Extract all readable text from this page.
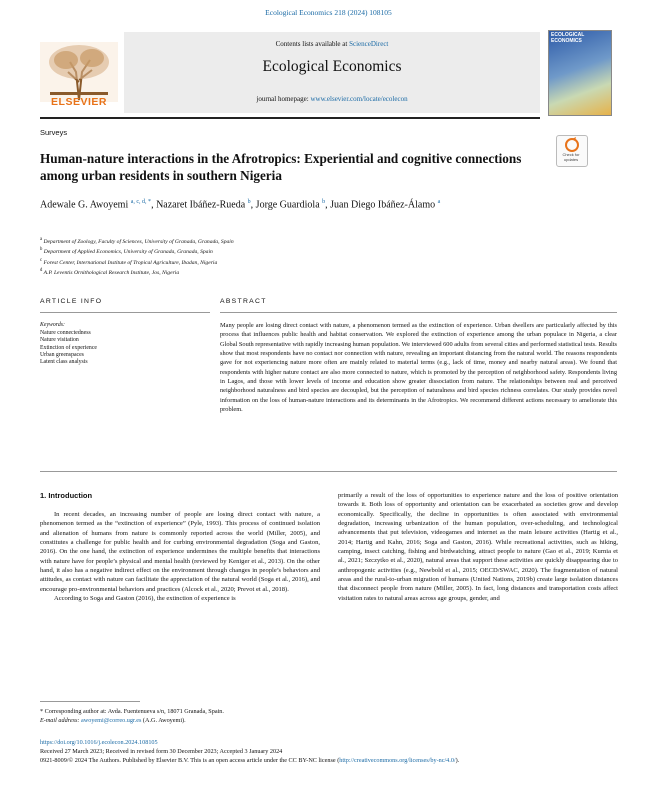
Ecological Economics 218 (2024) 108105
ELSEVIER
Contents lists available at ScienceDirect
Ecological Economics
journal homepage: www.elsevier.com/locate/ecolecon
ECOLOGICAL ECONOMICS
Surveys
Check for updates
Human-nature interactions in the Afrotropics: Experiential and cognitive connections among urban residents in southern Nigeria
Adewale G. Awoyemi $^{a, c, d, *}$, Nazaret Ibáñez-Rueda $^b$, Jorge Guardiola $^b$, Juan Diego Ibáñez-Álamo $^a$
$^a$ Department of Zoology, Faculty of Sciences, University of Granada, Granada, Spain
$^b$ Department of Applied Economics, University of Granada, Granada, Spain
$^c$ Forest Center, International Institute of Tropical Agriculture, Ibadan, Nigeria
$^d$ A.P. Leventis Ornithological Research Institute, Jos, Nigeria
ARTICLE INFO	ABSTRACT
Keywords:
Nature connectedness
Nature visitation
Extinction of experience
Urban greenspaces
Latent class analysis
Many people are losing direct contact with nature, a phenomenon termed as the extinction of experience. Urban dwellers are particularly affected by this process that influences public health and habitat conservation. We explored the extinction of experience among the urban populace in Nigeria, a clear Global South representative with rapidly increasing human population. We interviewed 600 adults from several cities and performed statistical tests. Results show that most respondents have no contact nor connection with nature, revealing an important distancing from the natural world. The reasons respondents gave for not experiencing nature more often are mainly related to material terms (e.g., lack of time, money and nearby natural areas). We found that respondents with higher nature contact are also more connected to nature, which is promoted by the perception of neighborhood safety. Respondents living in Lagos, and those with lower levels of income and education show greater dissociation from nature. The relationships between real and perceived neighborhood naturalness and bird species are decoupled, but the perception of naturalness and bird species richness correlates. Our study provides novel information on the loss of human-nature interactions and its determinants in the Afrotropics. We recommend different actions necessary to ameliorate this problem.
1. Introduction

In recent decades, an increasing number of people are losing direct contact with nature, a phenomenon termed as the “extinction of experience” (Pyle, 1993). This process of continued isolation and alienation of humans from nature is commonly reported across the world (Miller, 2005), and constitutes a challenge for public health and for curbing environmental degradation (Soga and Gaston, 2016). On the one hand, the extinction of experience undermines the multiple benefits that interactions with nature have for people’s physical and mental health (reviewed by Keniger et al., 2013). On the other hand, it also has a negative indirect effect on the environment through changes in people’s behaviors and attitudes, as contact with nature can facilitate the appreciation of the natural world (Soga et al., 2016), and encourage pro-environmental behaviors and practices (Alcock et al., 2020; Prevot et al., 2018).

According to Soga and Gaston (2016), the extinction of experience is

primarily a result of the loss of opportunities to experience nature and the loss of positive orientation towards it. Both loss of opportunity and orientation can be exacerbated as societies grow and develop economically. Specifically, the decline in opportunities is often associated with environmental degradation, increasing urbanization of the human population, over-scheduling, and technological advancements that put television, videogames and internet as the main leisure activities (Hartig et al., 2014; Hartig and Kahn, 2016; Soga and Gaston, 2016). While recreational activities, such as hiking, camping, insect catching, fishing and birdwatching, attract people to nature (Gao et al., 2019; Kurnia et al., 2021; Szczytko et al., 2020), natural areas that support these activities are quickly disappearing due to anthropogenic activities (e.g., Newbold et al., 2015; OECD/SWAC, 2020). The fragmentation of natural areas and the rural-to-urban migration of humans (United Nations, 2019b) create large isolation distances that disconnect people from nature (Miller, 2005). In fact, long distances and transportation costs affect visitation rates to natural areas across age groups, gender, and

* Corresponding author at: Avda. Fuentenueva s/n, 18071 Granada, Spain.
E-mail address: awoyemi@correo.ugr.es (A.G. Awoyemi).
https://doi.org/10.1016/j.ecolecon.2024.108105
Received 27 March 2023; Received in revised form 30 December 2023; Accepted 3 January 2024
0921-8009/© 2024 The Authors. Published by Elsevier B.V. This is an open access article under the CC BY-NC license (http://creativecommons.org/licenses/by-nc/4.0/).
